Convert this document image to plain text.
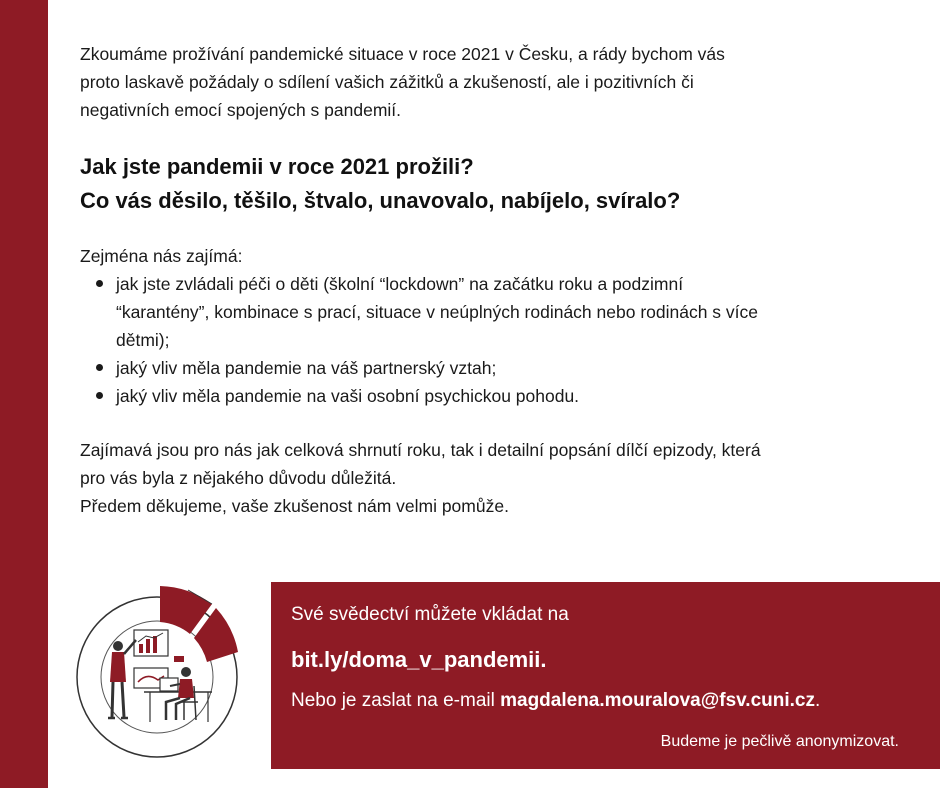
Zkoumáme prožívání pandemické situace v roce 2021 v Česku, a rády bychom vás
proto laskavě požádaly o sdílení vašich zážitků a zkušeností, ale i pozitivních či
negativních emocí spojených s pandemií.

Jak jste pandemii v roce 2021 prožili?
Co vás děsilo, těšilo, štvalo, unavovalo, nabíjelo, svíralo?

Zejména nás zajímá:

jak jste zvládali péči o děti (školní “lockdown” na začátku roku a podzimní
“karantény”, kombinace s prací, situace v neúplných rodinách nebo rodinách s více
dětmi);
jaký vliv měla pandemie na váš partnerský vztah;
jaký vliv měla pandemie na vaši osobní psychickou pohodu.

Zajímavá jsou pro nás jak celková shrnutí roku, tak i detailní popsání dílčí epizody, která
pro vás byla z nějakého důvodu důležitá.
Předem děkujeme, vaše zkušenost nám velmi pomůže.

Své svědectví můžete vkládat na
bit.ly/doma_v_pandemii.
Nebo je zaslat na e-mail magdalena.mouralova@fsv.cuni.cz.
Budeme je pečlivě anonymizovat.
